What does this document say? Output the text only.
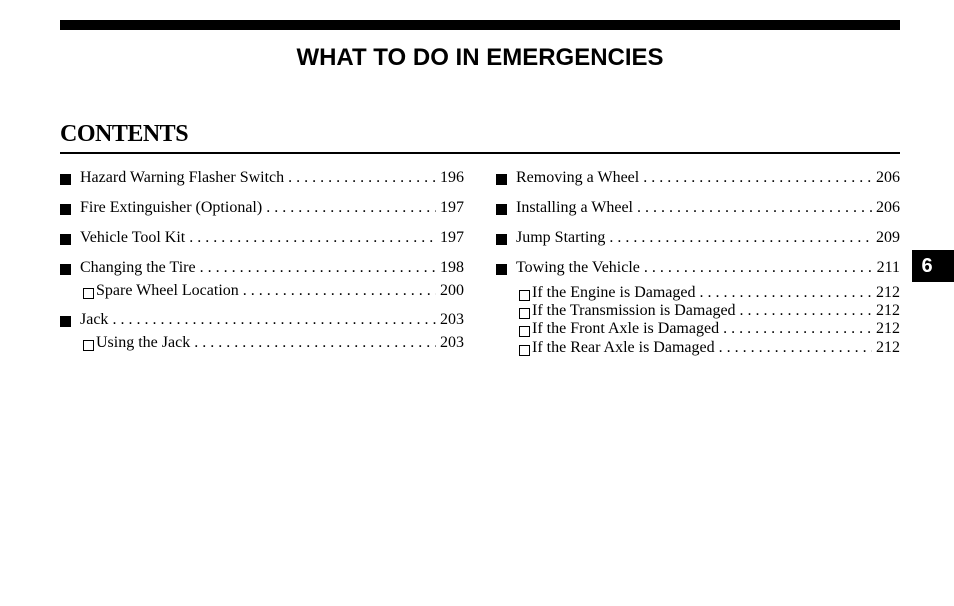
WHAT TO DO IN EMERGENCIES
CONTENTS
Hazard Warning Flasher Switch . . .	196
Fire Extinguisher (Optional) . . .	197
Vehicle Tool Kit . . .	197
Changing the Tire . . .	198
Spare Wheel Location . . .	200
Jack . . .	203
Using the Jack . . .	203
Removing a Wheel . . .	206
Installing a Wheel . . .	206
Jump Starting . . .	209
Towing the Vehicle . . .	211
If the Engine is Damaged . . .	212
If the Transmission is Damaged . . .	212
If the Front Axle is Damaged . . .	212
If the Rear Axle is Damaged . . .	212
6
